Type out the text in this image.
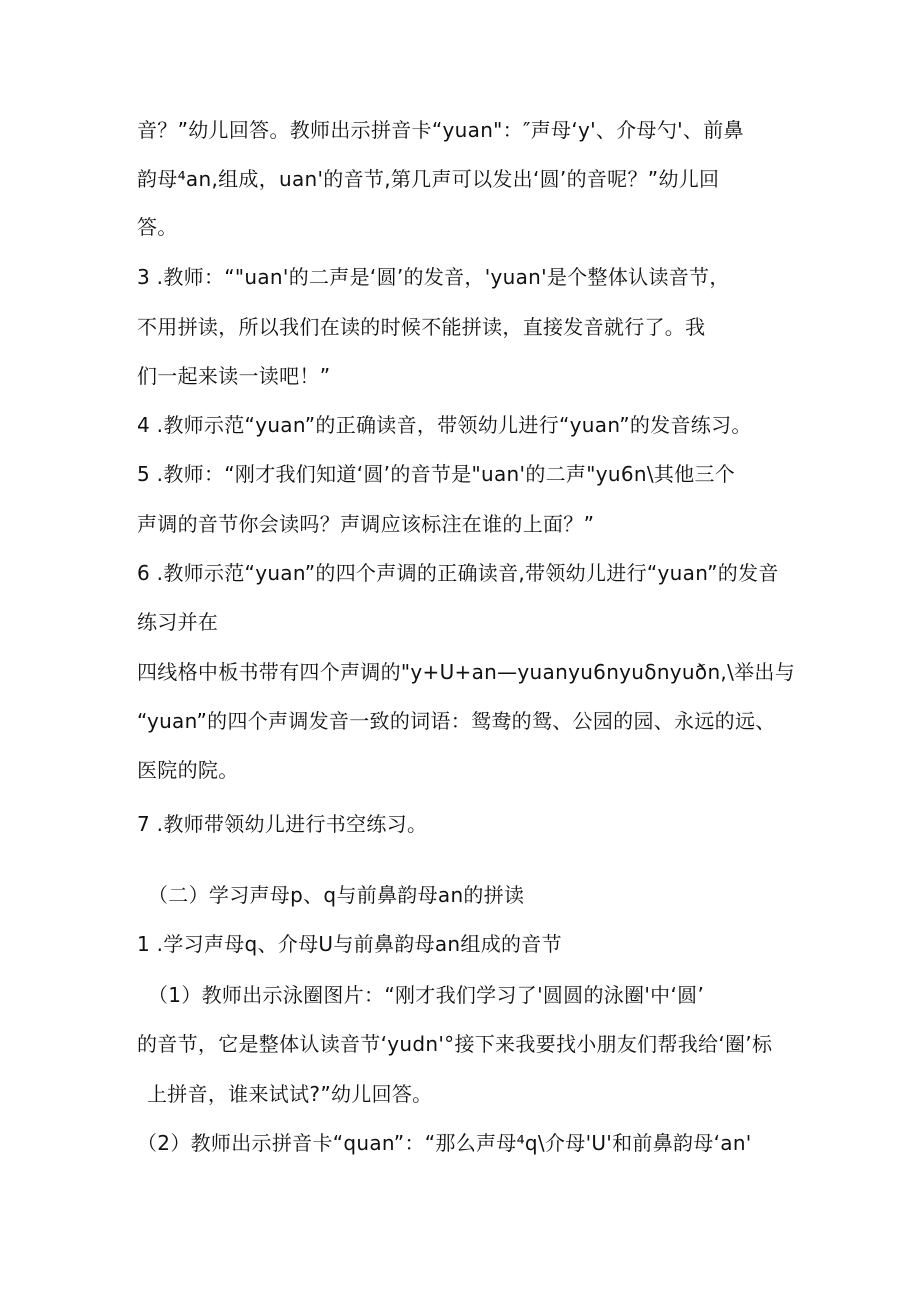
音？”幼儿回答。教师出示拼音卡“yuan"：″声母‘y'、介母勺'、前鼻
韵母⁴an,组成，uan'的音节,第几声可以发出‘圆’的音呢？”幼儿回
答。
3 .教师：“"uan'的二声是‘圆’的发音，'yuan'是个整体认读音节，
不用拼读，所以我们在读的时候不能拼读，直接发音就行了。我
们一起来读一读吧！”
4 .教师示范“yuan”的正确读音，带领幼儿进行“yuan”的发音练习。
5 .教师：“刚才我们知道‘圆’的音节是"uan'的二声"yu6n\其他三个
声调的音节你会读吗？声调应该标注在谁的上面？”
6 .教师示范“yuan”的四个声调的正确读音,带领幼儿进行“yuan”的发音
练习并在
四线格中板书带有四个声调的"y+U+an—yuanyu6nyuδnyuðn,\举出与
“yuan”的四个声调发音一致的词语：鸳鸯的鸳、公园的园、永远的远、
医院的院。
7 .教师带领幼儿进行书空练习。
（二）学习声母p、q与前鼻韵母an的拼读
1 .学习声母q、介母U与前鼻韵母an组成的音节
（1）教师出示泳圈图片：“刚才我们学习了'圆圆的泳圈'中‘圆’
的音节，它是整体认读音节‘yudn'°接下来我要找小朋友们帮我给‘圈’标
上拼音，谁来试试?”幼儿回答。
（2）教师出示拼音卡“quan”：“那么声母⁴q\介母'U'和前鼻韵母‘an'
